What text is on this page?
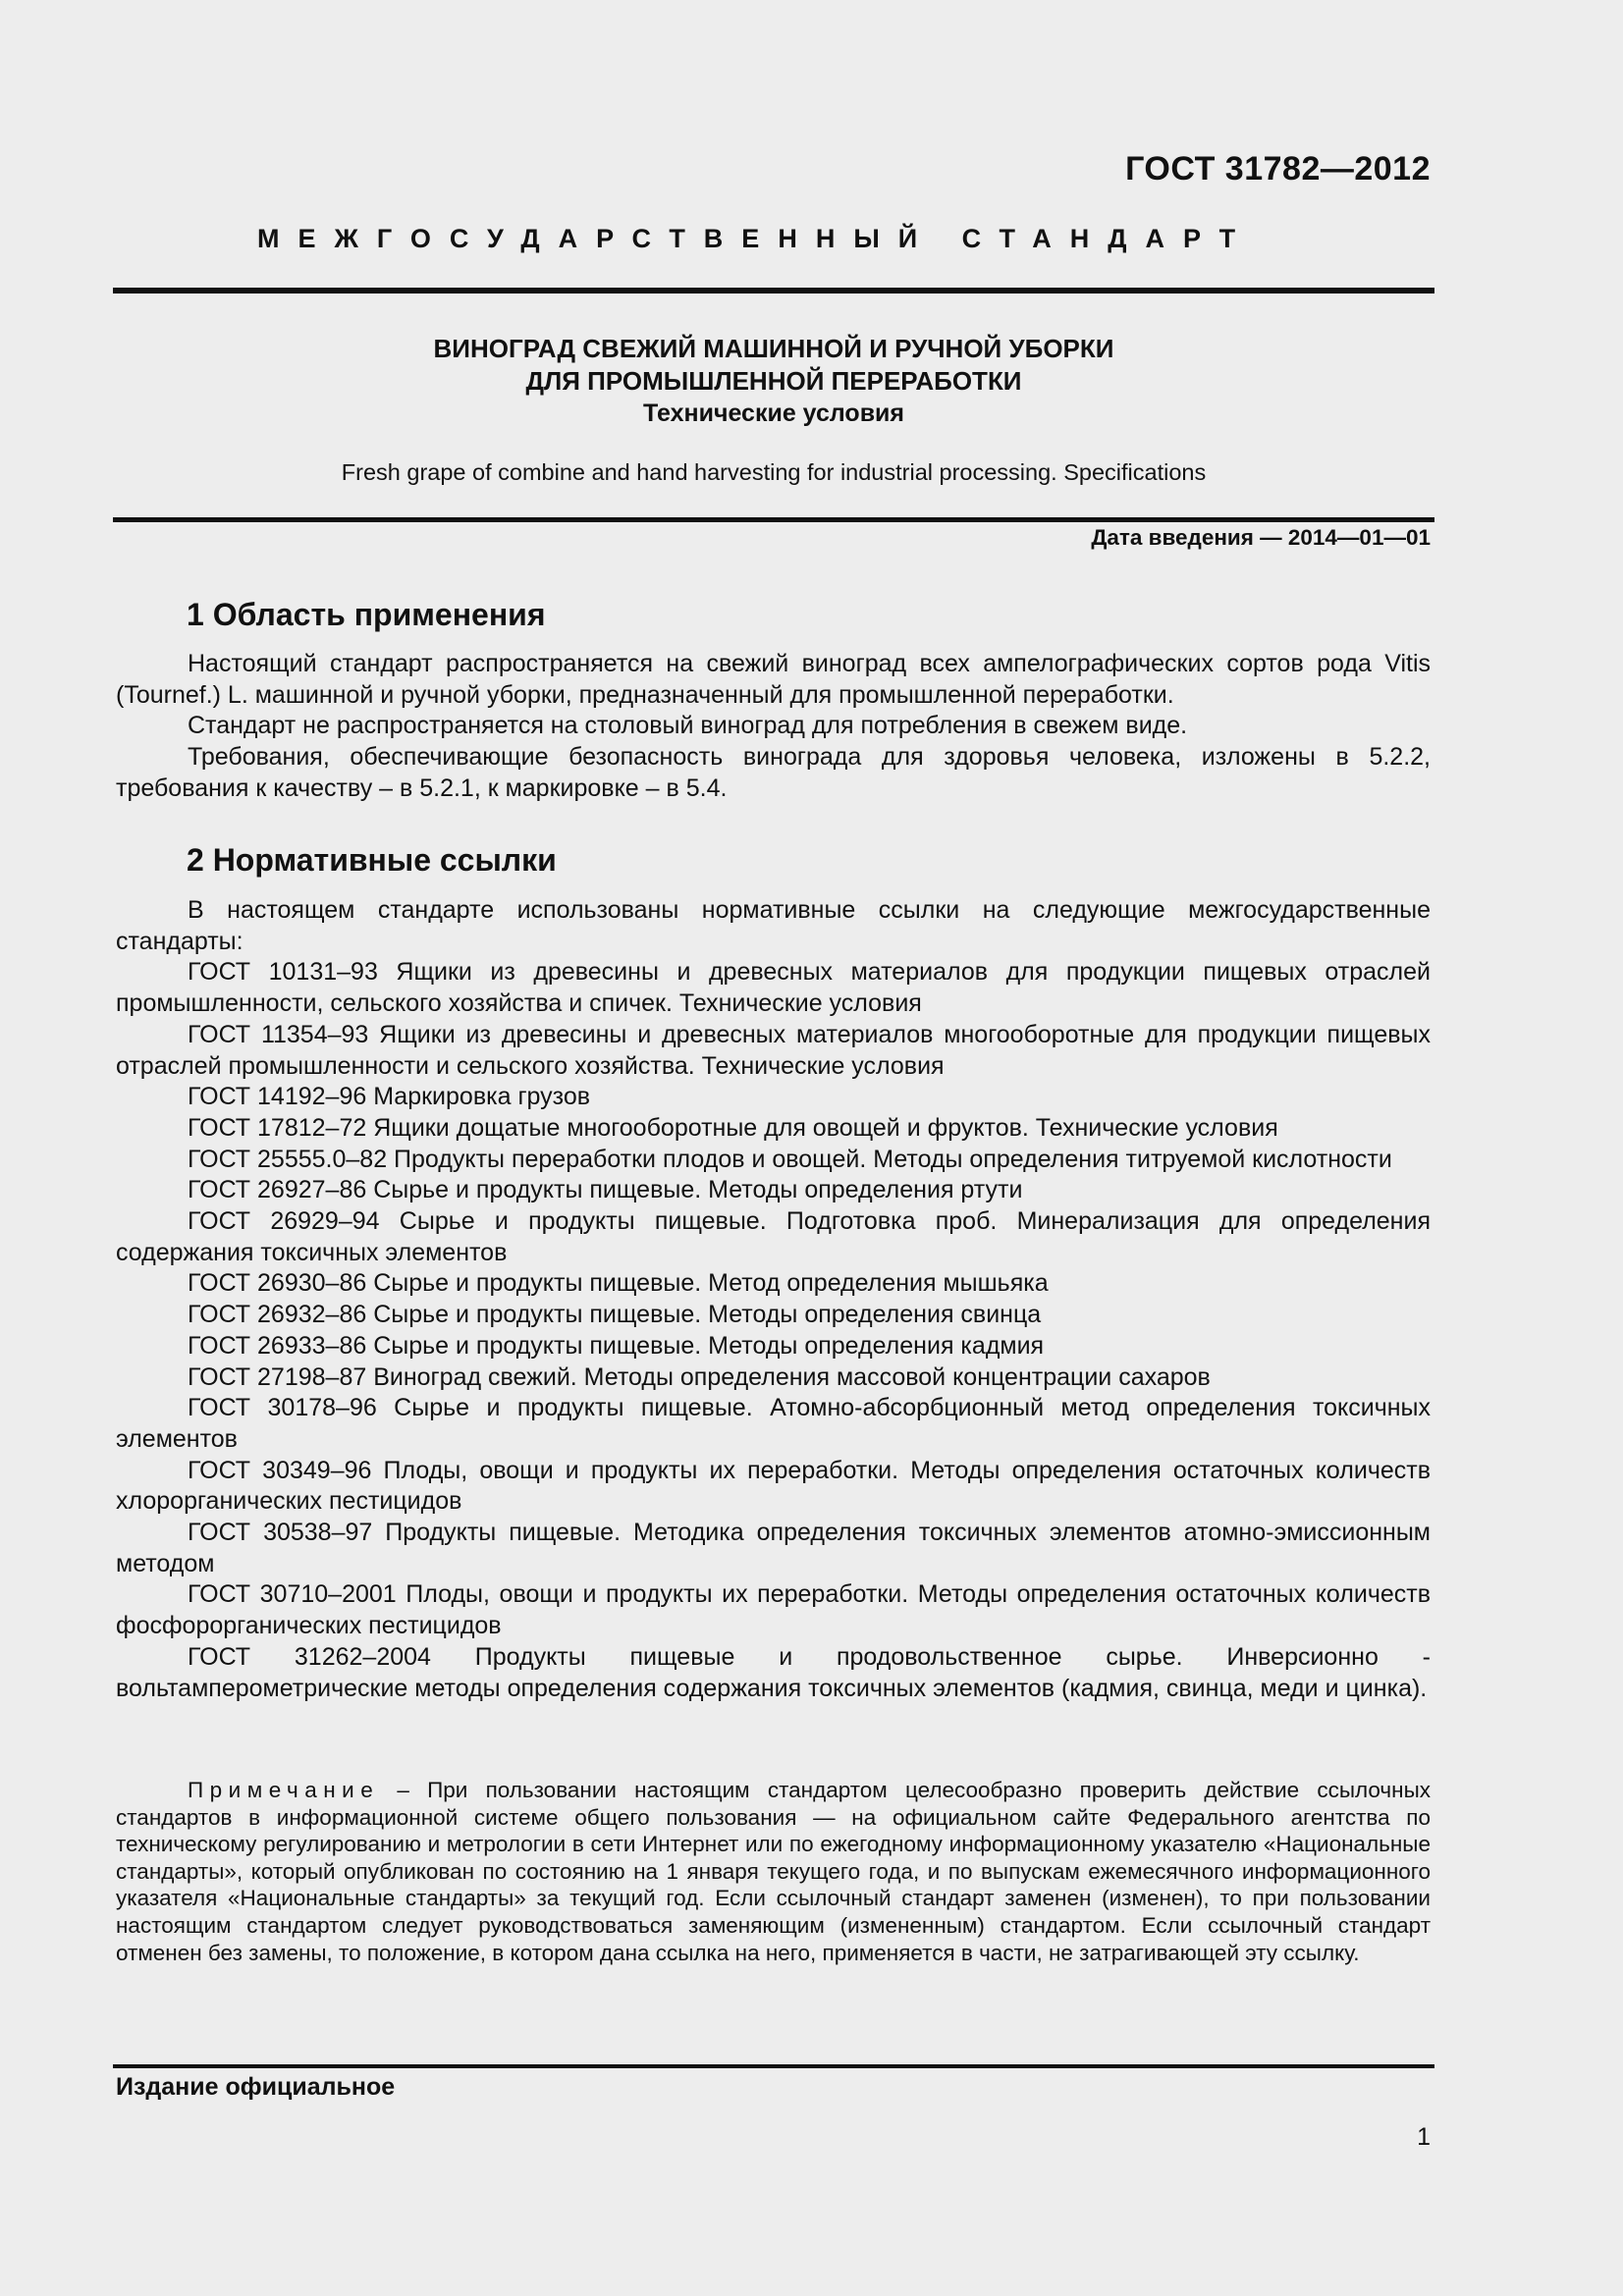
ГОСТ 31782—2012
МЕЖГОСУДАРСТВЕННЫЙ СТАНДАРТ
ВИНОГРАД СВЕЖИЙ МАШИННОЙ И РУЧНОЙ УБОРКИ
ДЛЯ ПРОМЫШЛЕННОЙ ПЕРЕРАБОТКИ
Технические условия
Fresh grape of combine and hand harvesting for industrial processing. Specifications
Дата введения — 2014—01—01
1 Область применения

Настоящий стандарт распространяется на свежий виноград всех ампелографических сортов рода Vitis (Tournef.) L. машинной и ручной уборки, предназначенный для промышленной переработки.

Стандарт не распространяется на столовый виноград для потребления в свежем виде.

Требования, обеспечивающие безопасность винограда для здоровья человека, изложены в 5.2.2, требования к качеству – в 5.2.1, к маркировке – в 5.4.

2 Нормативные ссылки

В настоящем стандарте использованы нормативные ссылки на следующие межгосударственные стандарты:

ГОСТ 10131–93 Ящики из древесины и древесных материалов для продукции пищевых отраслей промышленности, сельского хозяйства и спичек. Технические условия

ГОСТ 11354–93 Ящики из древесины и древесных материалов многооборотные для продукции пищевых отраслей промышленности и сельского хозяйства. Технические условия

ГОСТ 14192–96 Маркировка грузов

ГОСТ 17812–72 Ящики дощатые многооборотные для овощей и фруктов. Технические условия

ГОСТ 25555.0–82 Продукты переработки плодов и овощей. Методы определения титруемой кислотности

ГОСТ 26927–86 Сырье и продукты пищевые. Методы определения ртути

ГОСТ 26929–94 Сырье и продукты пищевые. Подготовка проб. Минерализация для определения содержания токсичных элементов

ГОСТ 26930–86 Сырье и продукты пищевые. Метод определения мышьяка

ГОСТ 26932–86 Сырье и продукты пищевые. Методы определения свинца

ГОСТ 26933–86 Сырье и продукты пищевые. Методы определения кадмия

ГОСТ 27198–87 Виноград свежий. Методы определения массовой концентрации сахаров

ГОСТ 30178–96 Сырье и продукты пищевые. Атомно-абсорбционный метод определения токсичных элементов

ГОСТ 30349–96 Плоды, овощи и продукты их переработки. Методы определения остаточных количеств хлорорганических пестицидов

ГОСТ 30538–97 Продукты пищевые. Методика определения токсичных элементов атомно-эмиссионным методом

ГОСТ 30710–2001 Плоды, овощи и продукты их переработки. Методы определения остаточных количеств фосфорорганических пестицидов

ГОСТ 31262–2004 Продукты пищевые и продовольственное сырье. Инверсионно - вольтамперометрические методы определения содержания токсичных элементов (кадмия, свинца, меди и цинка).

Примечание – При пользовании настоящим стандартом целесообразно проверить действие ссылочных стандартов в информационной системе общего пользования — на официальном сайте Федерального агентства по техническому регулированию и метрологии в сети Интернет или по ежегодному информационному указателю «Национальные стандарты», который опубликован по состоянию на 1 января текущего года, и по выпускам ежемесячного информационного указателя «Национальные стандарты» за текущий год. Если ссылочный стандарт заменен (изменен), то при пользовании настоящим стандартом следует руководствоваться заменяющим (измененным) стандартом. Если ссылочный стандарт отменен без замены, то положение, в котором дана ссылка на него, применяется в части, не затрагивающей эту ссылку.

Издание официальное
1
